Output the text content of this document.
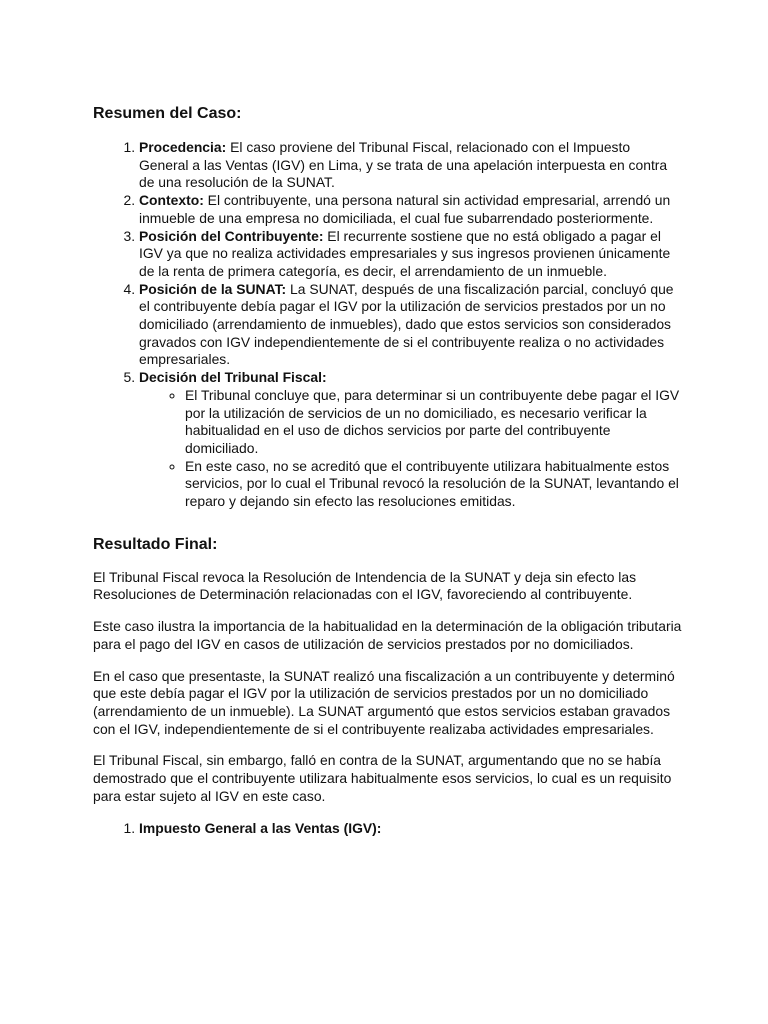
Resumen del Caso:
1. Procedencia: El caso proviene del Tribunal Fiscal, relacionado con el Impuesto General a las Ventas (IGV) en Lima, y se trata de una apelación interpuesta en contra de una resolución de la SUNAT.
2. Contexto: El contribuyente, una persona natural sin actividad empresarial, arrendó un inmueble de una empresa no domiciliada, el cual fue subarrendado posteriormente.
3. Posición del Contribuyente: El recurrente sostiene que no está obligado a pagar el IGV ya que no realiza actividades empresariales y sus ingresos provienen únicamente de la renta de primera categoría, es decir, el arrendamiento de un inmueble.
4. Posición de la SUNAT: La SUNAT, después de una fiscalización parcial, concluyó que el contribuyente debía pagar el IGV por la utilización de servicios prestados por un no domiciliado (arrendamiento de inmuebles), dado que estos servicios son considerados gravados con IGV independientemente de si el contribuyente realiza o no actividades empresariales.
5. Decisión del Tribunal Fiscal:
◦ El Tribunal concluye que, para determinar si un contribuyente debe pagar el IGV por la utilización de servicios de un no domiciliado, es necesario verificar la habitualidad en el uso de dichos servicios por parte del contribuyente domiciliado.
◦ En este caso, no se acreditó que el contribuyente utilizara habitualmente estos servicios, por lo cual el Tribunal revocó la resolución de la SUNAT, levantando el reparo y dejando sin efecto las resoluciones emitidas.
Resultado Final:

El Tribunal Fiscal revoca la Resolución de Intendencia de la SUNAT y deja sin efecto las Resoluciones de Determinación relacionadas con el IGV, favoreciendo al contribuyente.

Este caso ilustra la importancia de la habitualidad en la determinación de la obligación tributaria para el pago del IGV en casos de utilización de servicios prestados por no domiciliados.

En el caso que presentaste, la SUNAT realizó una fiscalización a un contribuyente y determinó que este debía pagar el IGV por la utilización de servicios prestados por un no domiciliado (arrendamiento de un inmueble). La SUNAT argumentó que estos servicios estaban gravados con el IGV, independientemente de si el contribuyente realizaba actividades empresariales.

El Tribunal Fiscal, sin embargo, falló en contra de la SUNAT, argumentando que no se había demostrado que el contribuyente utilizara habitualmente esos servicios, lo cual es un requisito para estar sujeto al IGV en este caso.

1. Impuesto General a las Ventas (IGV):
